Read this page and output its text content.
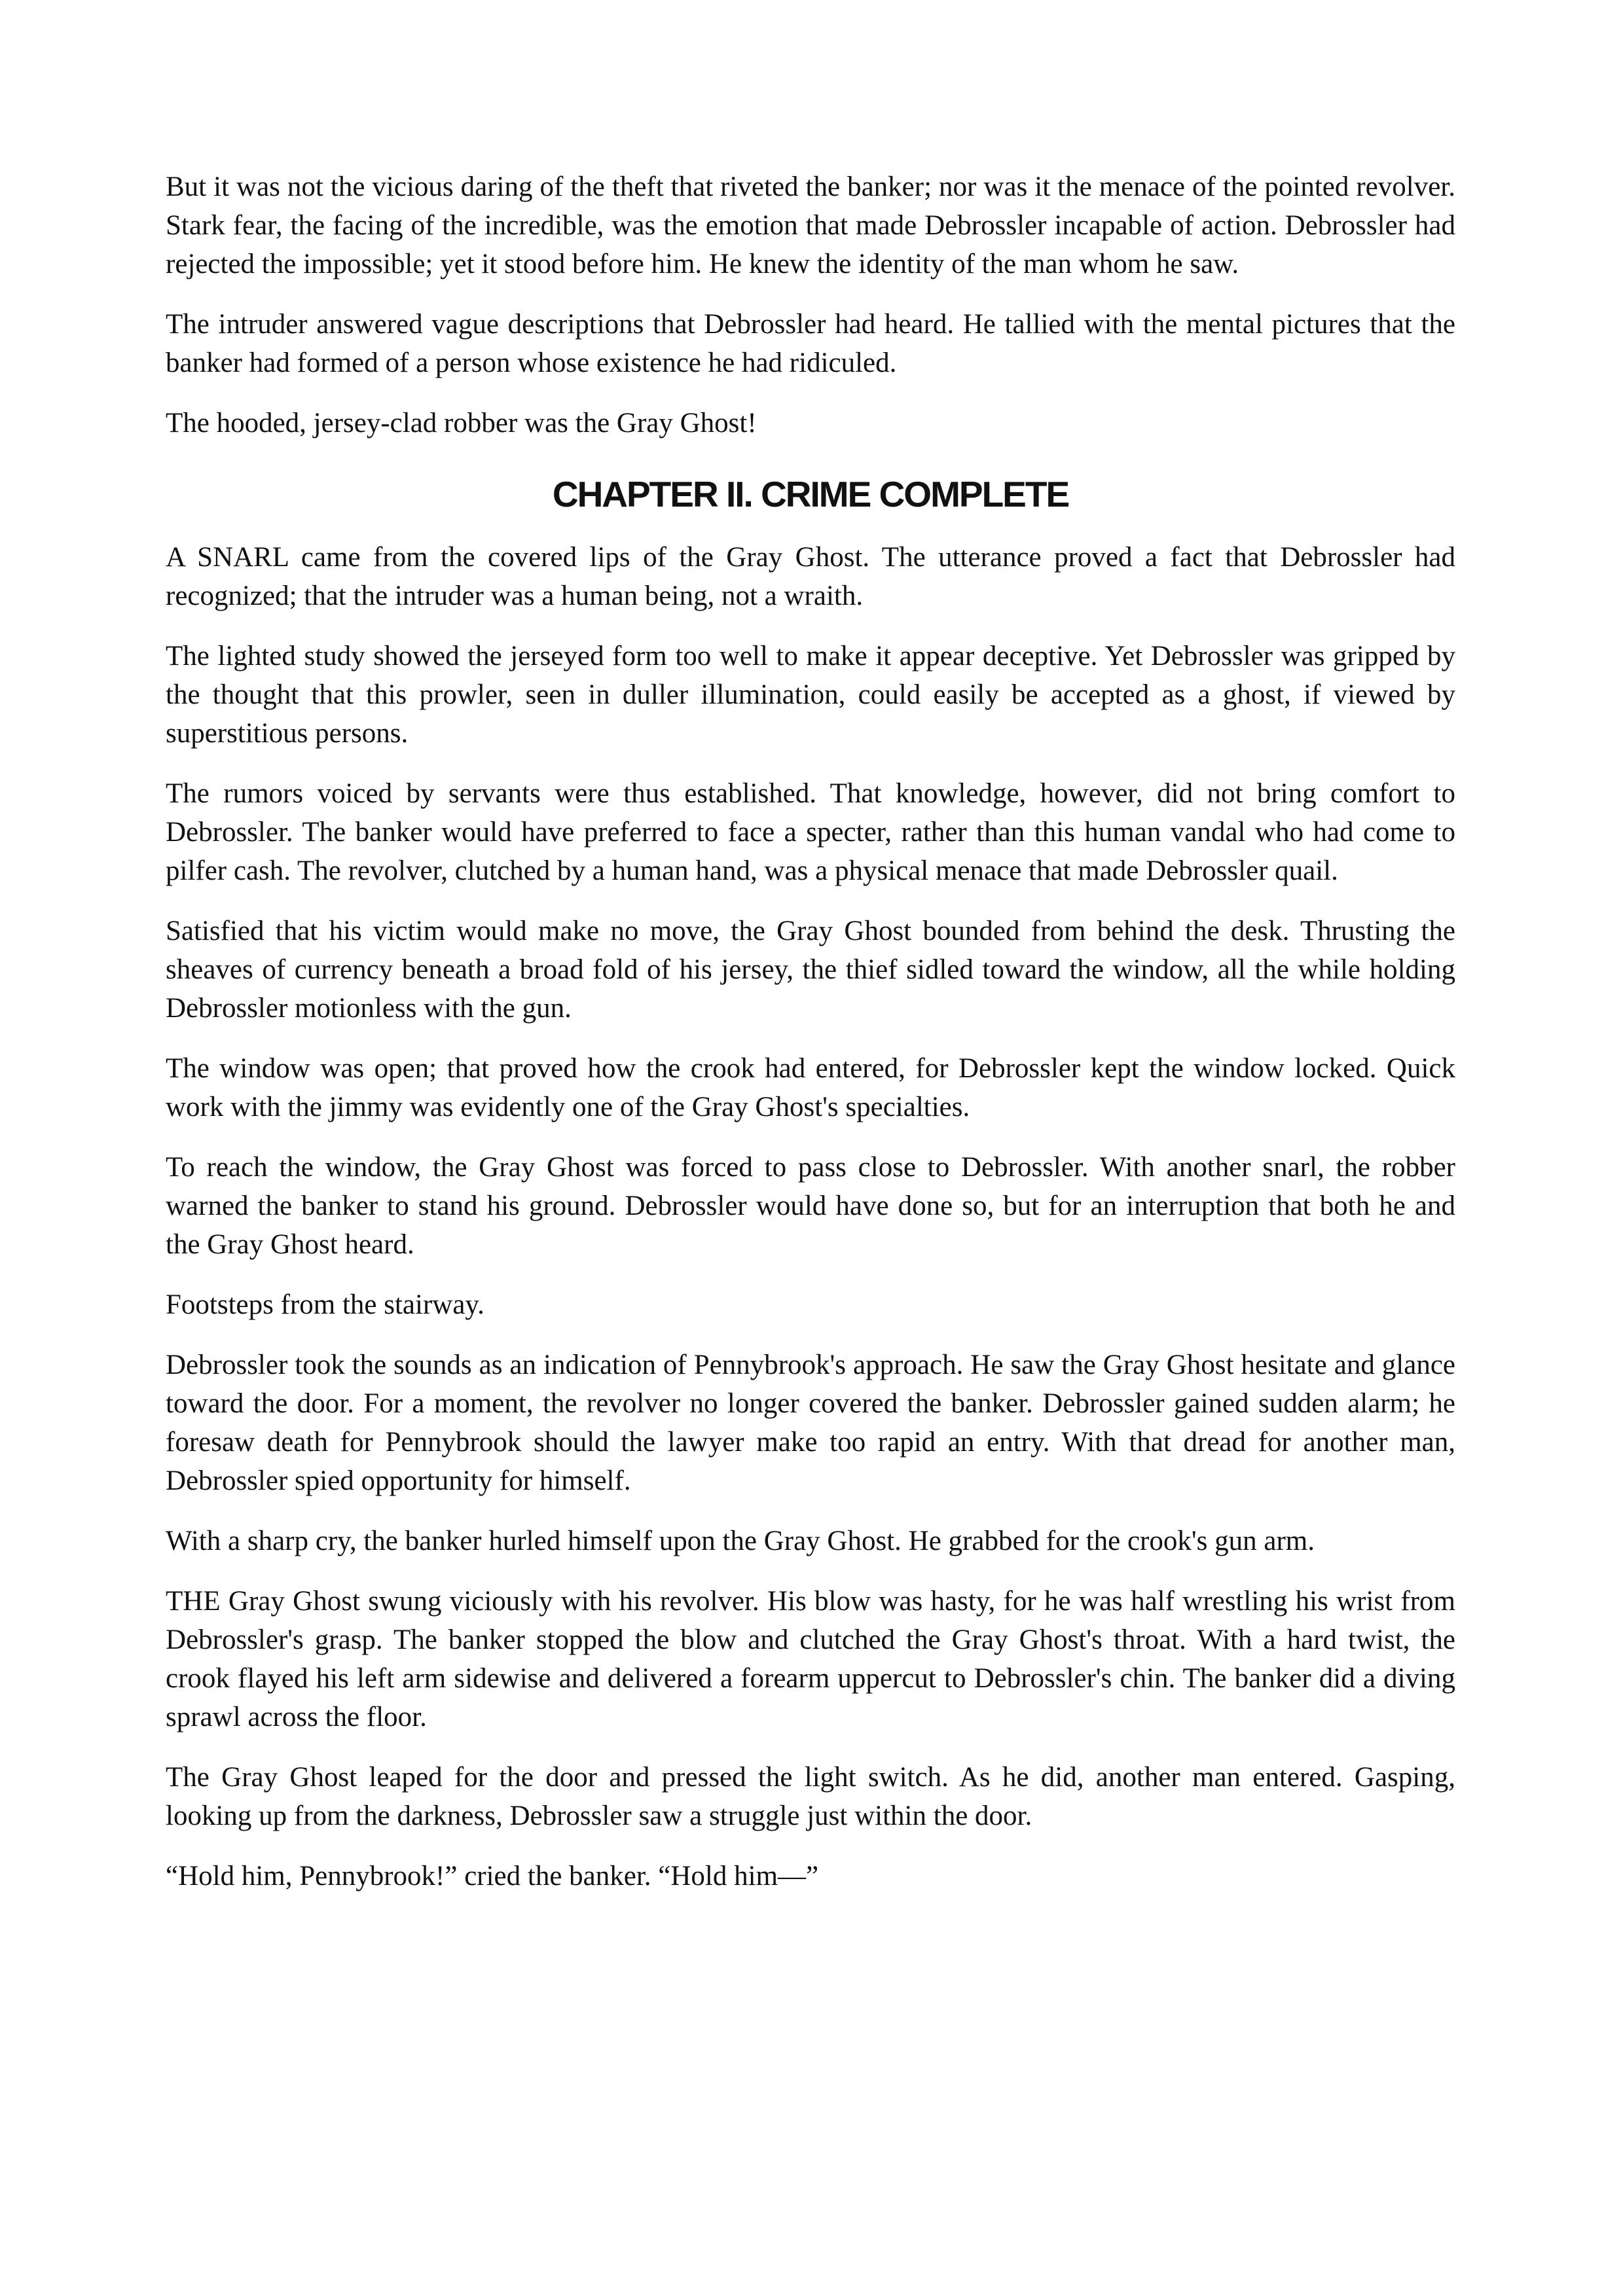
But it was not the vicious daring of the theft that riveted the banker; nor was it the menace of the pointed revolver. Stark fear, the facing of the incredible, was the emotion that made Debrossler incapable of action. Debrossler had rejected the impossible; yet it stood before him. He knew the identity of the man whom he saw.

The intruder answered vague descriptions that Debrossler had heard. He tallied with the mental pictures that the banker had formed of a person whose existence he had ridiculed.

The hooded, jersey-clad robber was the Gray Ghost!

CHAPTER II. CRIME COMPLETE

A SNARL came from the covered lips of the Gray Ghost. The utterance proved a fact that Debrossler had recognized; that the intruder was a human being, not a wraith.

The lighted study showed the jerseyed form too well to make it appear deceptive. Yet Debrossler was gripped by the thought that this prowler, seen in duller illumination, could easily be accepted as a ghost, if viewed by superstitious persons.

The rumors voiced by servants were thus established. That knowledge, however, did not bring comfort to Debrossler. The banker would have preferred to face a specter, rather than this human vandal who had come to pilfer cash. The revolver, clutched by a human hand, was a physical menace that made Debrossler quail.

Satisfied that his victim would make no move, the Gray Ghost bounded from behind the desk. Thrusting the sheaves of currency beneath a broad fold of his jersey, the thief sidled toward the window, all the while holding Debrossler motionless with the gun.

The window was open; that proved how the crook had entered, for Debrossler kept the window locked. Quick work with the jimmy was evidently one of the Gray Ghost's specialties.

To reach the window, the Gray Ghost was forced to pass close to Debrossler. With another snarl, the robber warned the banker to stand his ground. Debrossler would have done so, but for an interruption that both he and the Gray Ghost heard.

Footsteps from the stairway.

Debrossler took the sounds as an indication of Pennybrook's approach. He saw the Gray Ghost hesitate and glance toward the door. For a moment, the revolver no longer covered the banker. Debrossler gained sudden alarm; he foresaw death for Pennybrook should the lawyer make too rapid an entry. With that dread for another man, Debrossler spied opportunity for himself.

With a sharp cry, the banker hurled himself upon the Gray Ghost. He grabbed for the crook's gun arm.

THE Gray Ghost swung viciously with his revolver. His blow was hasty, for he was half wrestling his wrist from Debrossler's grasp. The banker stopped the blow and clutched the Gray Ghost's throat. With a hard twist, the crook flayed his left arm sidewise and delivered a forearm uppercut to Debrossler's chin. The banker did a diving sprawl across the floor.

The Gray Ghost leaped for the door and pressed the light switch. As he did, another man entered. Gasping, looking up from the darkness, Debrossler saw a struggle just within the door.

“Hold him, Pennybrook!” cried the banker. “Hold him—”
